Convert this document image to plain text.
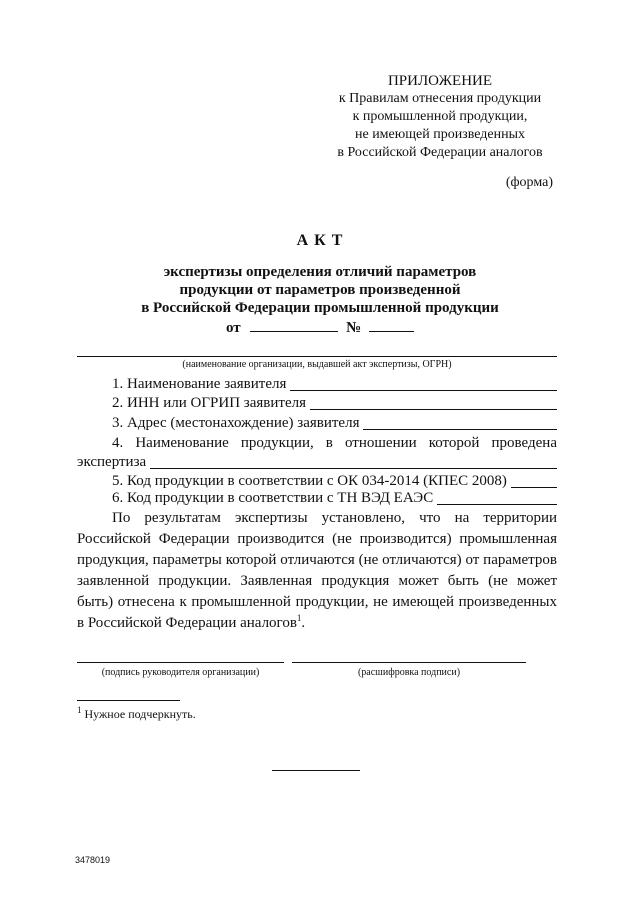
ПРИЛОЖЕНИЕ
к Правилам отнесения продукции
к промышленной продукции,
не имеющей произведенных
в Российской Федерации аналогов
(форма)
А К Т
экспертизы определения отличий параметров
продукции от параметров произведенной
в Российской Федерации промышленной продукции
от	№
(наименование организации, выдавшей акт экспертизы, ОГРН)
1. Наименование заявителя
2. ИНН или ОГРИП заявителя
3. Адрес (местонахождение) заявителя
4. Наименование продукции, в отношении которой проведена
экспертиза
5. Код продукции в соответствии с ОК 034-2014 (КПЕС 2008)
6. Код продукции в соответствии с ТН ВЭД ЕАЭС
По результатам экспертизы установлено, что на территории Российской Федерации производится (не производится) промышленная продукция, параметры которой отличаются (не отличаются) от параметров заявленной продукции. Заявленная продукция может быть (не может быть) отнесена к промышленной продукции, не имеющей произведенных в Российской Федерации аналогов$^1$.
(подпись руководителя организации)	(расшифровка подписи)
$^1$ Нужное подчеркнуть.
3478019
